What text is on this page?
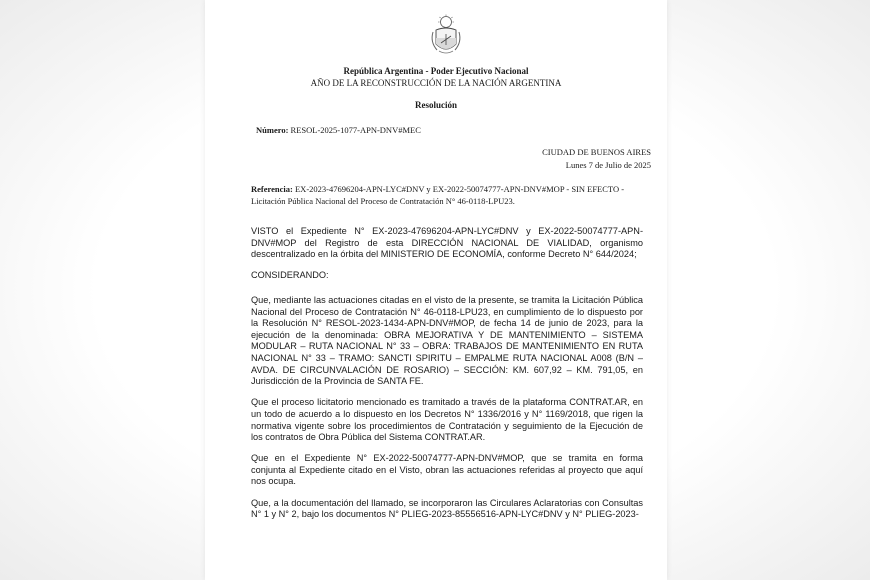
República Argentina - Poder Ejecutivo Nacional
AÑO DE LA RECONSTRUCCIÓN DE LA NACIÓN ARGENTINA
Resolución
Número: RESOL-2025-1077-APN-DNV#MEC
CIUDAD DE BUENOS AIRES
Lunes 7 de Julio de 2025
Referencia: EX-2023-47696204-APN-LYC#DNV y EX-2022-50074777-APN-DNV#MOP - SIN EFECTO - Licitación Pública Nacional del Proceso de Contratación N° 46-0118-LPU23.

VISTO el Expediente N° EX-2023-47696204-APN-LYC#DNV y EX-2022-50074777-APN-DNV#MOP del Registro de esta DIRECCIÓN NACIONAL DE VIALIDAD, organismo descentralizado en la órbita del MINISTERIO DE ECONOMÍA, conforme Decreto N° 644/2024;

CONSIDERANDO:

Que, mediante las actuaciones citadas en el visto de la presente, se tramita la Licitación Pública Nacional del Proceso de Contratación N° 46-0118-LPU23, en cumplimiento de lo dispuesto por la Resolución N° RESOL-2023-1434-APN-DNV#MOP, de fecha 14 de junio de 2023, para la ejecución de la denominada: OBRA MEJORATIVA Y DE MANTENIMIENTO – SISTEMA MODULAR – RUTA NACIONAL N° 33 – OBRA: TRABAJOS DE MANTENIMIENTO EN RUTA NACIONAL N° 33 – TRAMO: SANCTI SPIRITU – EMPALME RUTA NACIONAL A008 (B/N – AVDA. DE CIRCUNVALACIÓN DE ROSARIO) – SECCIÓN: KM. 607,92 – KM. 791,05, en Jurisdicción de la Provincia de SANTA FE.

Que el proceso licitatorio mencionado es tramitado a través de la plataforma CONTRAT.AR, en un todo de acuerdo a lo dispuesto en los Decretos N° 1336/2016 y N° 1169/2018, que rigen la normativa vigente sobre los procedimientos de Contratación y seguimiento de la Ejecución de los contratos de Obra Pública del Sistema CONTRAT.AR.

Que en el Expediente N° EX-2022-50074777-APN-DNV#MOP, que se tramita en forma conjunta al Expediente citado en el Visto, obran las actuaciones referidas al proyecto que aquí nos ocupa.

Que, a la documentación del llamado, se incorporaron las Circulares Aclaratorias con Consultas N° 1 y N° 2, bajo los documentos N° PLIEG-2023-85556516-APN-LYC#DNV y N° PLIEG-2023-
